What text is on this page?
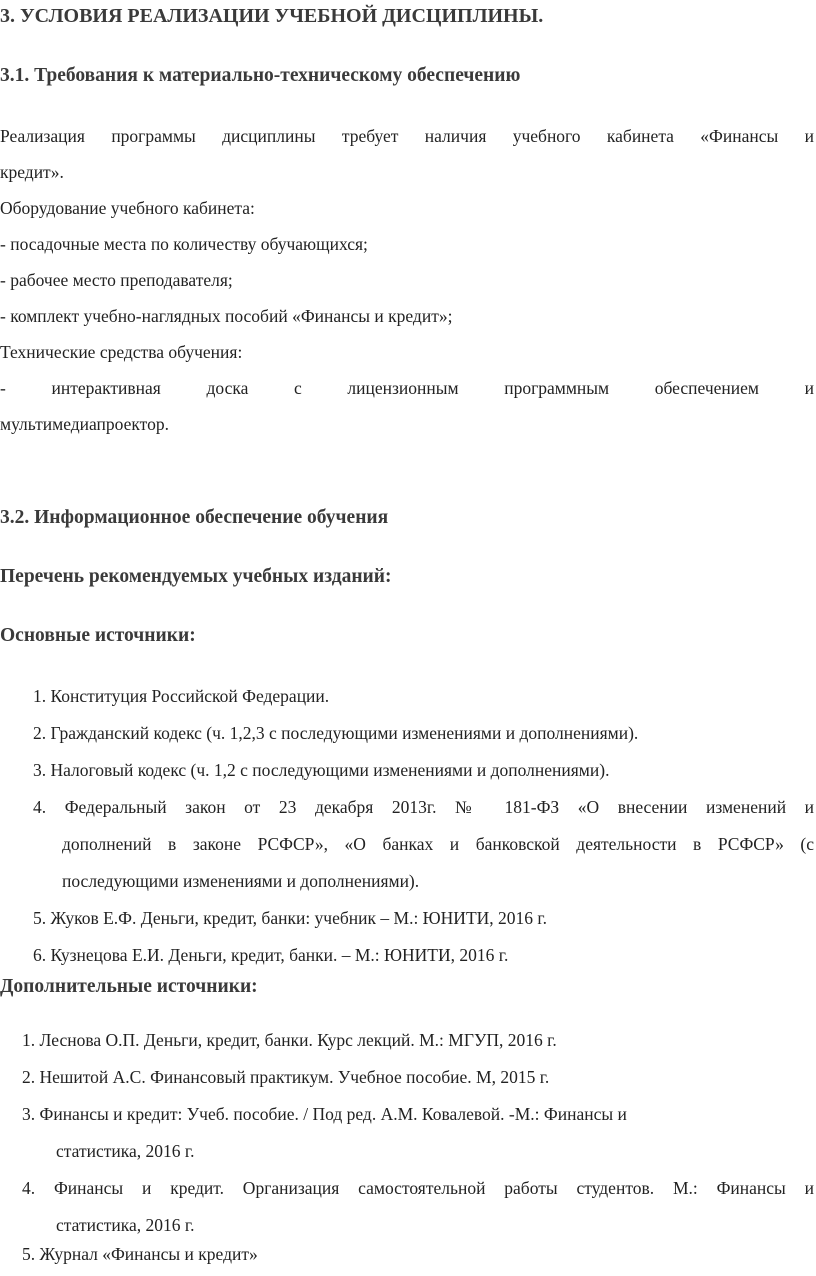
3. УСЛОВИЯ РЕАЛИЗАЦИИ УЧЕБНОЙ ДИСЦИПЛИНЫ.
3.1. Требования к материально-техническому обеспечению
Реализация программы дисциплины требует наличия учебного кабинета «Финансы и
кредит».
Оборудование учебного кабинета:
- посадочные места по количеству обучающихся;
- рабочее место преподавателя;
- комплект учебно-наглядных пособий «Финансы и кредит»;
Технические средства обучения:
- интерактивная доска с лицензионным программным обеспечением и
мультимедиапроектор.
3.2. Информационное обеспечение обучения
Перечень рекомендуемых учебных изданий:
Основные источники:
1. Конституция Российской Федерации.
2. Гражданский кодекс (ч. 1,2,3 с последующими изменениями и дополнениями).
3. Налоговый кодекс (ч. 1,2 с последующими изменениями и дополнениями).
4. Федеральный закон от 23 декабря 2013г. № 181-ФЗ «О внесении изменений и
дополнений в законе РСФСР», «О банках и банковской деятельности в РСФСР» (с
последующими изменениями и дополнениями).
5. Жуков Е.Ф. Деньги, кредит, банки: учебник – М.: ЮНИТИ, 2016 г.
6. Кузнецова Е.И. Деньги, кредит, банки. – М.: ЮНИТИ, 2016 г.
Дополнительные источники:
1. Леснова О.П. Деньги, кредит, банки. Курс лекций. М.: МГУП, 2016 г.
2. Нешитой А.С. Финансовый практикум. Учебное пособие. М, 2015 г.
3. Финансы и кредит: Учеб. пособие. / Под ред. А.М. Ковалевой. -М.: Финансы и
статистика, 2016 г.
4. Финансы и кредит. Организация самостоятельной работы студентов. М.: Финансы и
статистика, 2016 г.
5. Журнал «Финансы и кредит»
